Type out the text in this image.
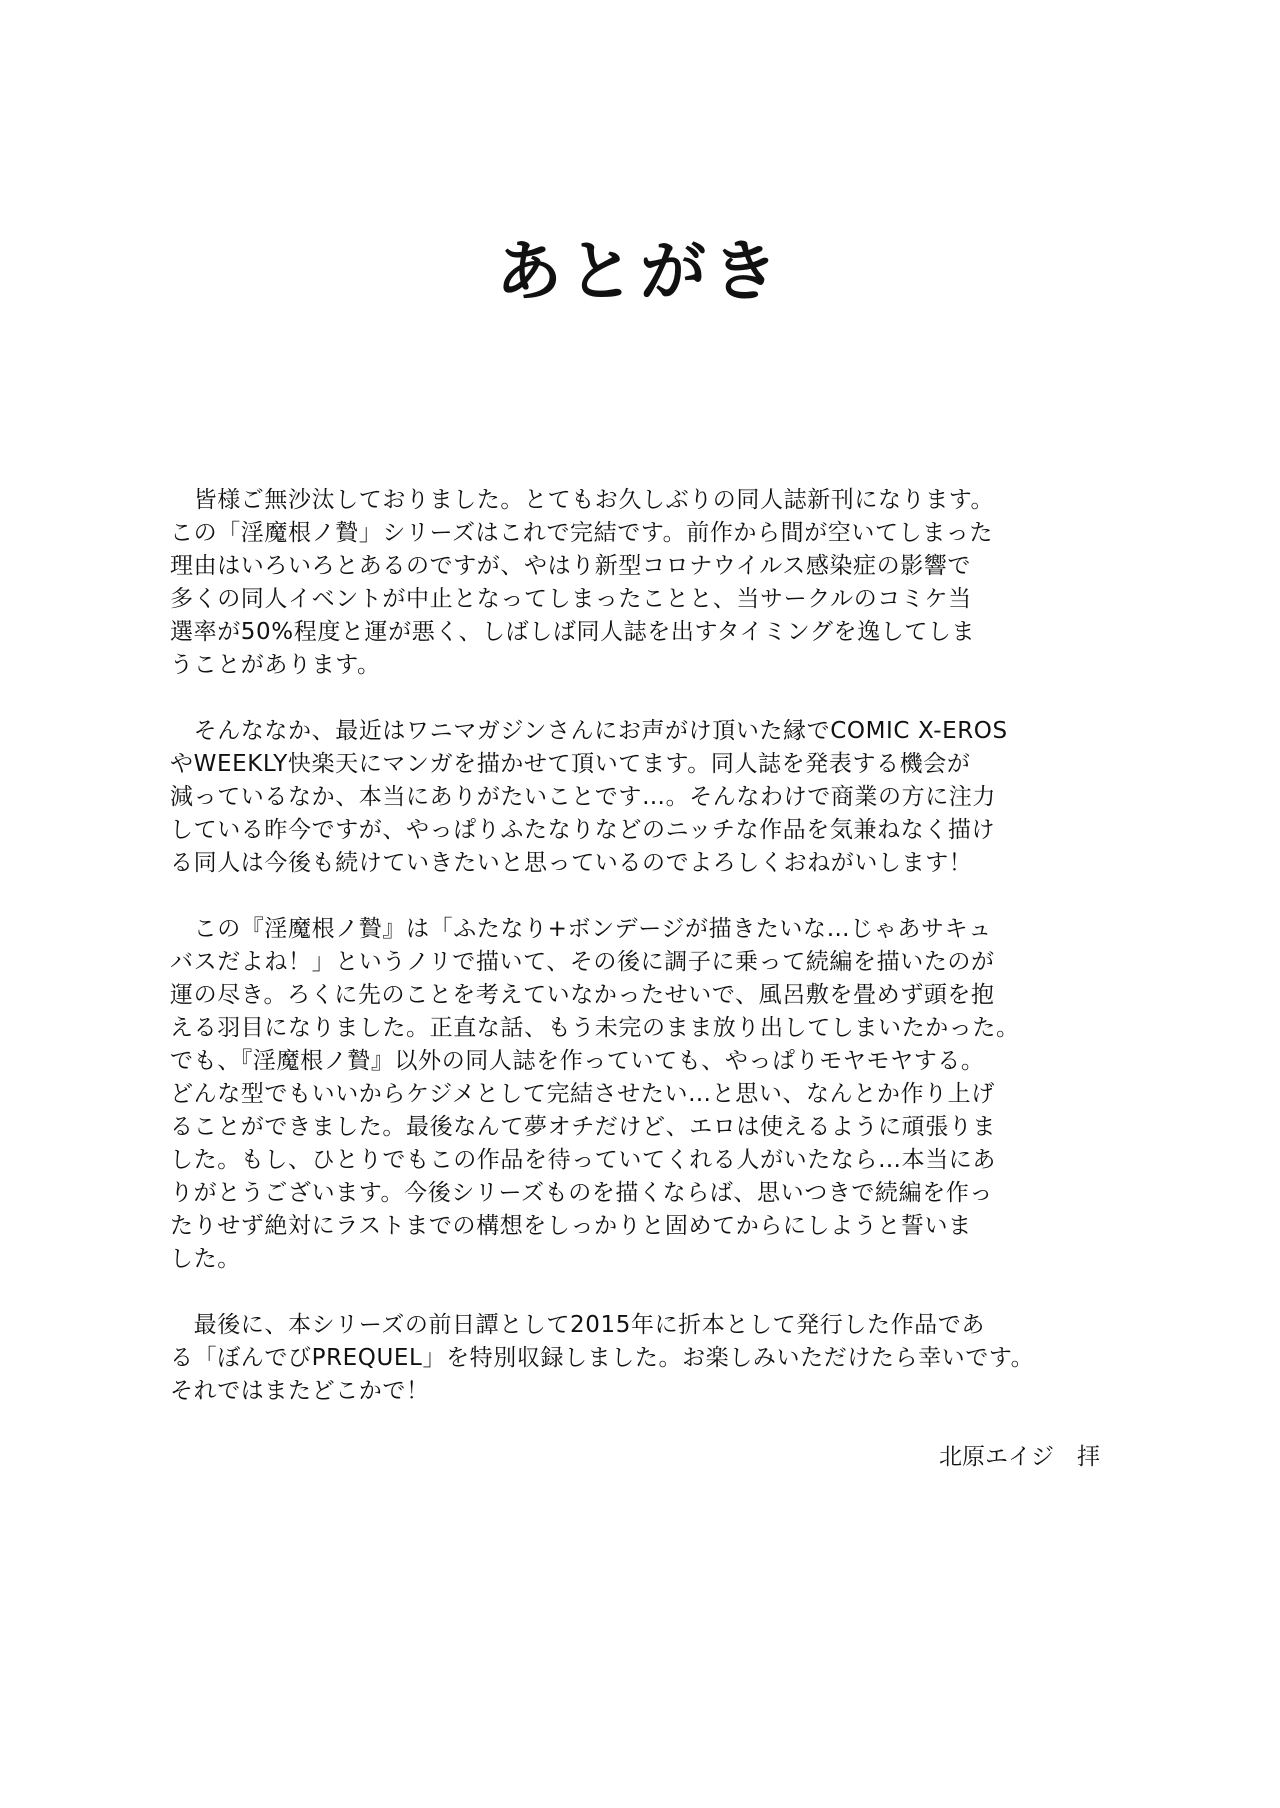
あとがき
　皆様ご無沙汰しておりました。とてもお久しぶりの同人誌新刊になります。
この「淫魔根ノ贄」シリーズはこれで完結です。前作から間が空いてしまった
理由はいろいろとあるのですが、やはり新型コロナウイルス感染症の影響で
多くの同人イベントが中止となってしまったことと、当サークルのコミケ当
選率が50%程度と運が悪く、しばしば同人誌を出すタイミングを逸してしま
うことがあります。
　そんななか、最近はワニマガジンさんにお声がけ頂いた縁でCOMIC X-EROS
やWEEKLY快楽天にマンガを描かせて頂いてます。同人誌を発表する機会が
減っているなか、本当にありがたいことです…。そんなわけで商業の方に注力
している昨今ですが、やっぱりふたなりなどのニッチな作品を気兼ねなく描け
る同人は今後も続けていきたいと思っているのでよろしくおねがいします！
　この『淫魔根ノ贄』は「ふたなり+ボンデージが描きたいな…じゃあサキュ
バスだよね！」というノリで描いて、その後に調子に乗って続編を描いたのが
運の尽き。ろくに先のことを考えていなかったせいで、風呂敷を畳めず頭を抱
える羽目になりました。正直な話、もう未完のまま放り出してしまいたかった。
でも、『淫魔根ノ贄』以外の同人誌を作っていても、やっぱりモヤモヤする。
どんな型でもいいからケジメとして完結させたい…と思い、なんとか作り上げ
ることができました。最後なんて夢オチだけど、エロは使えるように頑張りま
した。もし、ひとりでもこの作品を待っていてくれる人がいたなら…本当にあ
りがとうございます。今後シリーズものを描くならば、思いつきで続編を作っ
たりせず絶対にラストまでの構想をしっかりと固めてからにしようと誓いま
した。
　最後に、本シリーズの前日譚として2015年に折本として発行した作品であ
る「ぼんでびPREQUEL」を特別収録しました。お楽しみいただけたら幸いです。
それではまたどこかで！
北原エイジ　拝
